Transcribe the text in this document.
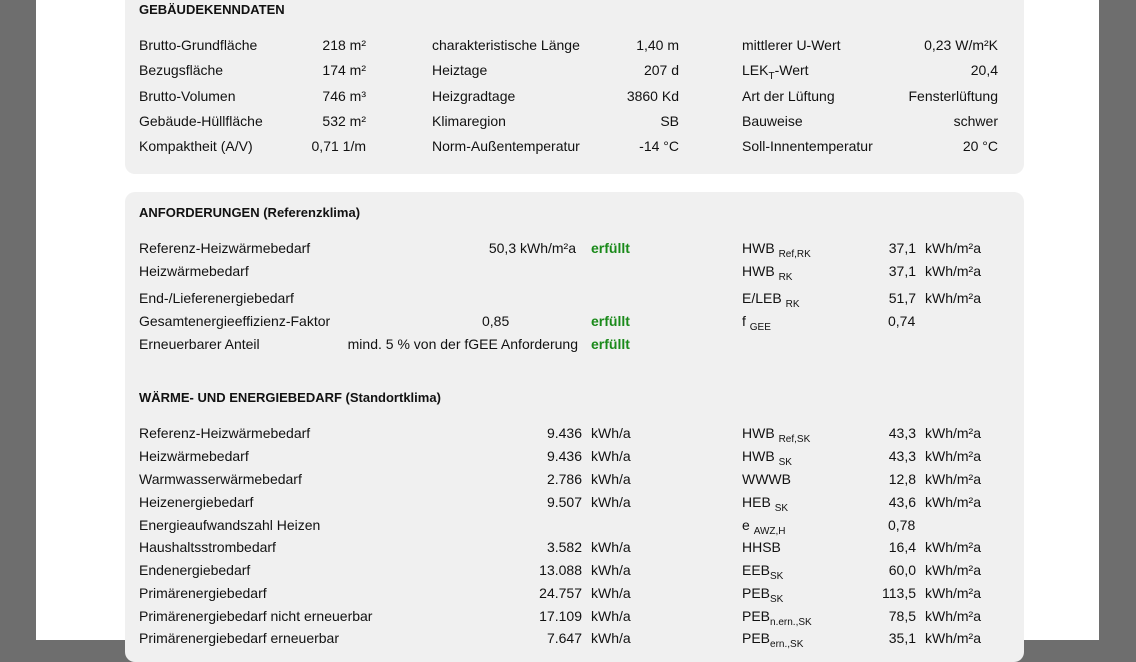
GEBÄUDEKENNDATEN
Brutto-Grundfläche	218 m²	charakteristische Länge	1,40 m	mittlerer U-Wert	0,23 W/m²K
Bezugsfläche	174 m²	Heiztage	207 d	$LEK_T$-Wert	20,4
Brutto-Volumen	746 m³	Heizgradtage	3860 Kd	Art der Lüftung	Fensterlüftung
Gebäude-Hüllfläche	532 m²	Klimaregion	SB	Bauweise	schwer
Kompaktheit (A/V)	0,71 1/m	Norm-Außentemperatur	-14 °C	Soll-Innentemperatur	20 °C
ANFORDERUNGEN (Referenzklima)
Referenz-Heizwärmebedarf	50,3 kWh/m²a erfüllt	HWB $_{Ref,RK}$	37,1 kWh/m²a
Heizwärmebedarf	HWB $_{RK}$	37,1 kWh/m²a
End-/Lieferenergiebedarf	E/LEB $_{RK}$	51,7 kWh/m²a
Gesamtenergieeffizienz-Faktor	0,85	erfüllt	f $_{GEE}$	0,74
Erneuerbarer Anteil	mind. 5 % von der fGEE Anforderung erfüllt
WÄRME- UND ENERGIEBEDARF (Standortklima)
Referenz-Heizwärmebedarf	9.436 kWh/a	HWB $_{Ref,SK}$	43,3 kWh/m²a
Heizwärmebedarf	9.436 kWh/a	HWB $_{SK}$	43,3 kWh/m²a
Warmwasserwärmebedarf	2.786 kWh/a	WWWB	12,8 kWh/m²a
Heizenergiebedarf	9.507 kWh/a	HEB $_{SK}$	43,6 kWh/m²a
Energieaufwandszahl Heizen	e $_{AWZ,H}$	0,78
Haushaltsstrombedarf	3.582 kWh/a	HHSB	16,4 kWh/m²a
Endenergiebedarf	13.088 kWh/a	$EEB_{SK}$	60,0 kWh/m²a
Primärenergiebedarf	24.757 kWh/a	$PEB_{SK}$	113,5 kWh/m²a
Primärenergiebedarf nicht erneuerbar	17.109 kWh/a	$PEB_{n.ern.,SK}$	78,5 kWh/m²a
Primärenergiebedarf erneuerbar	7.647 kWh/a	$PEB_{ern.,SK}$	35,1 kWh/m²a
